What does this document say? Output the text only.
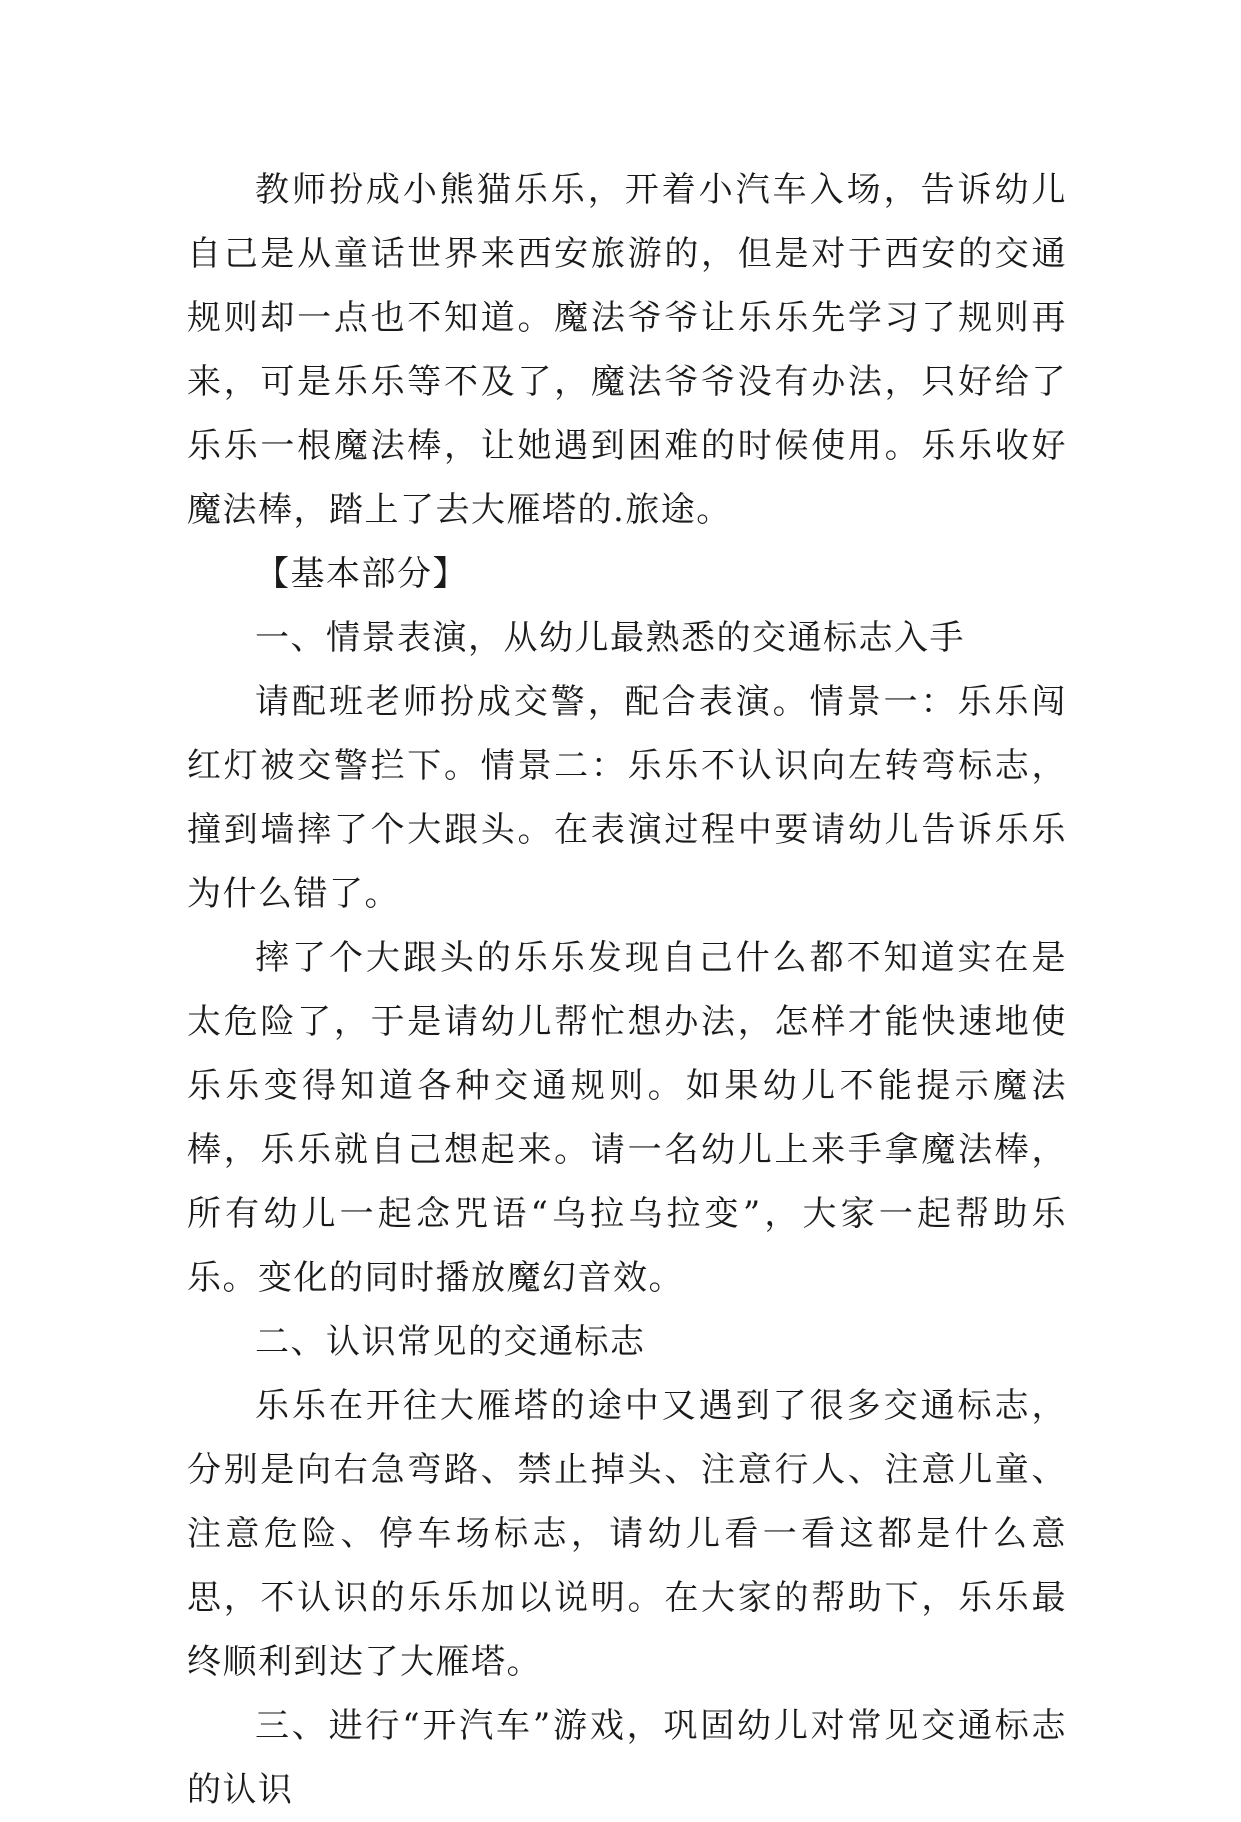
教师扮成小熊猫乐乐，开着小汽车入场，告诉幼儿自己是从童话世界来西安旅游的，但是对于西安的交通规则却一点也不知道。魔法爷爷让乐乐先学习了规则再来，可是乐乐等不及了，魔法爷爷没有办法，只好给了乐乐一根魔法棒，让她遇到困难的时候使用。乐乐收好魔法棒，踏上了去大雁塔的.旅途。

【基本部分】

一、情景表演，从幼儿最熟悉的交通标志入手

请配班老师扮成交警，配合表演。情景一：乐乐闯红灯被交警拦下。情景二：乐乐不认识向左转弯标志，撞到墙摔了个大跟头。在表演过程中要请幼儿告诉乐乐为什么错了。

摔了个大跟头的乐乐发现自己什么都不知道实在是太危险了，于是请幼儿帮忙想办法，怎样才能快速地使乐乐变得知道各种交通规则。如果幼儿不能提示魔法棒，乐乐就自己想起来。请一名幼儿上来手拿魔法棒，所有幼儿一起念咒语“乌拉乌拉变”，大家一起帮助乐乐。变化的同时播放魔幻音效。

二、认识常见的交通标志

乐乐在开往大雁塔的途中又遇到了很多交通标志，分别是向右急弯路、禁止掉头、注意行人、注意儿童、注意危险、停车场标志，请幼儿看一看这都是什么意思，不认识的乐乐加以说明。在大家的帮助下，乐乐最终顺利到达了大雁塔。

三、进行“开汽车”游戏，巩固幼儿对常见交通标志的认识
